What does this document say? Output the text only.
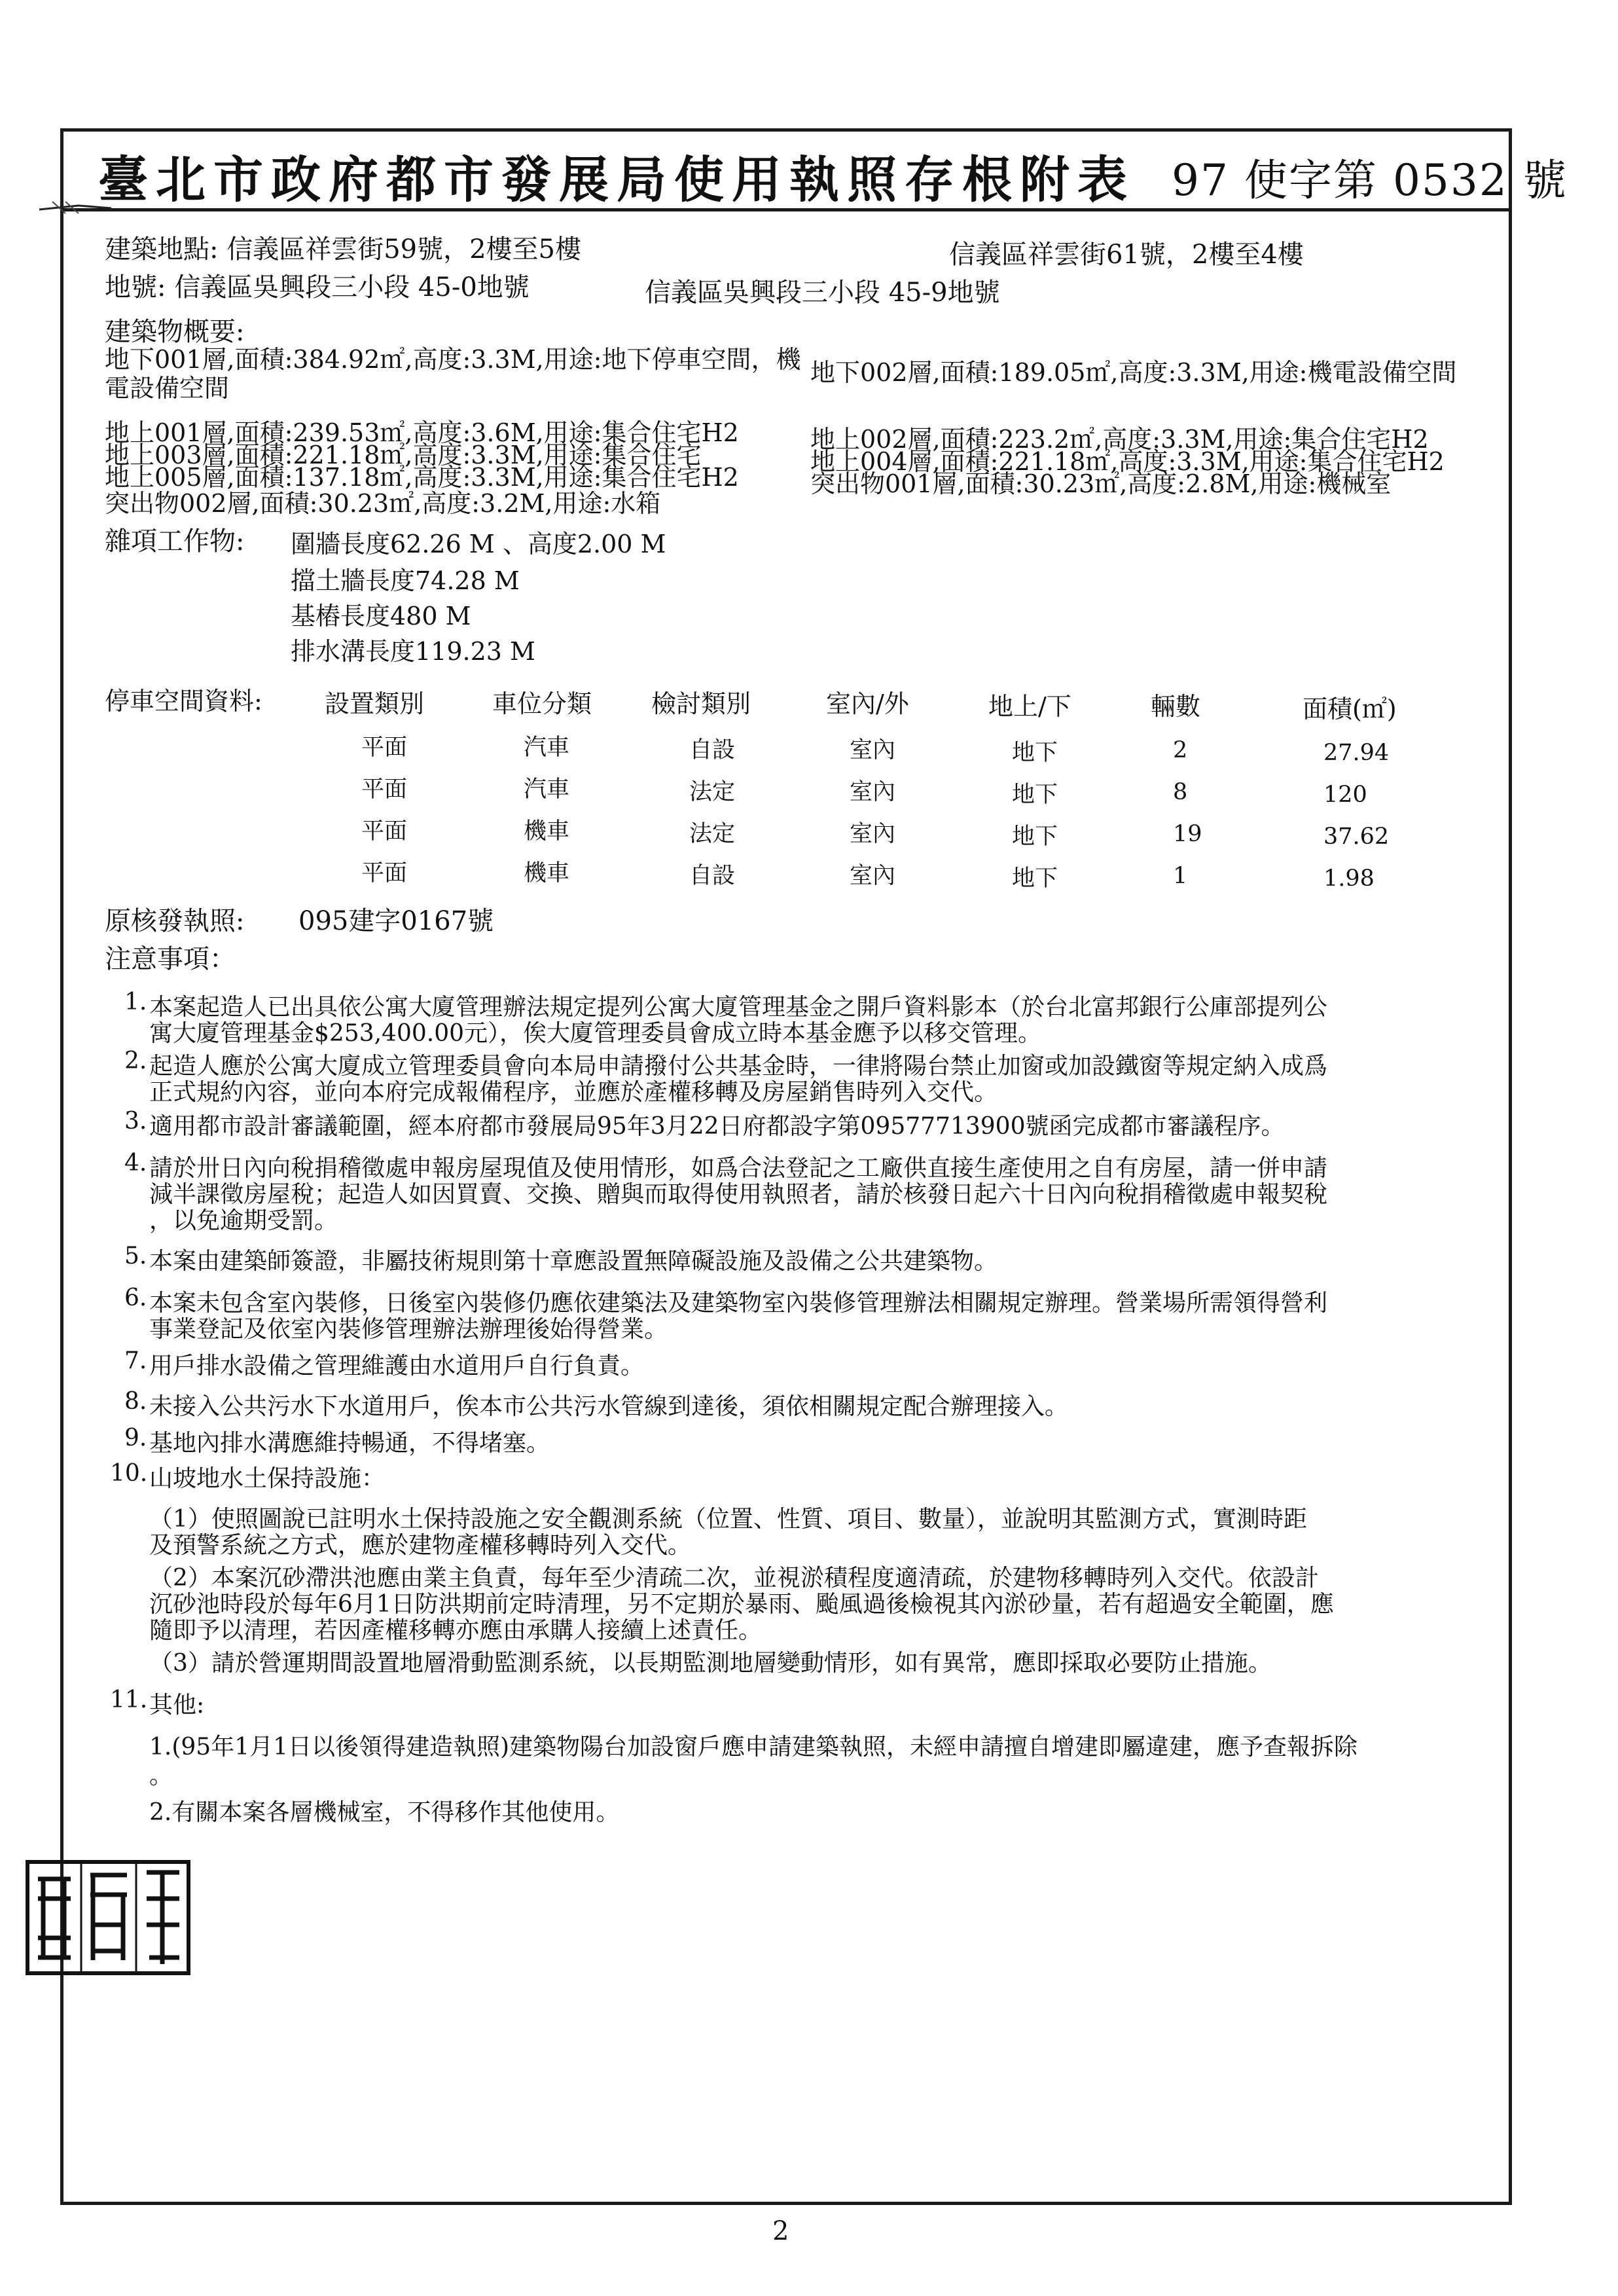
臺北市政府都市發展局使用執照存根附表 97 使字第 0532 號
建築地點: 信義區祥雲街59號，2樓至5樓	信義區祥雲街61號，2樓至4樓
地號: 信義區吳興段三小段 45-0地號	信義區吳興段三小段 45-9地號
建築物概要:
地下001層,面積:384.92㎡,高度:3.3M,用途:地下停車空間，機
電設備空間
地下002層,面積:189.05㎡,高度:3.3M,用途:機電設備空間
地上001層,面積:239.53㎡,高度:3.6M,用途:集合住宅H2
地上003層,面積:221.18㎡,高度:3.3M,用途:集合住宅
地上005層,面積:137.18㎡,高度:3.3M,用途:集合住宅H2
突出物002層,面積:30.23㎡,高度:3.2M,用途:水箱
地上002層,面積:223.2㎡,高度:3.3M,用途:集合住宅H2
地上004層,面積:221.18㎡,高度:3.3M,用途:集合住宅H2
突出物001層,面積:30.23㎡,高度:2.8M,用途:機械室
雜項工作物: 圍牆長度62.26 M 、高度2.00 M
擋土牆長度74.28 M
基樁長度480 M
排水溝長度119.23 M
停車空間資料:	設置類別	車位分類 檢討類別	室內/外	地上/下	輛數	面積(㎡)
平面	汽車	自設	室內	地下	2	27.94
平面	汽車	法定	室內	地下	8	120
平面	機車	法定	室內	地下	19	37.62
平面	機車	自設	室內	地下	1	1.98
原核發執照: 095建字0167號
注意事項：
1. 本案起造人已出具依公寓大廈管理辦法規定提列公寓大廈管理基金之開戶資料影本（於台北富邦銀行公庫部提列公
寓大廈管理基金$253,400.00元），俟大廈管理委員會成立時本基金應予以移交管理。
2. 起造人應於公寓大廈成立管理委員會向本局申請撥付公共基金時，一律將陽台禁止加窗或加設鐵窗等規定納入成爲
正式規約內容，並向本府完成報備程序，並應於產權移轉及房屋銷售時列入交代。
3. 適用都市設計審議範圍，經本府都市發展局95年3月22日府都設字第09577713900號函完成都市審議程序。
4. 請於卅日內向稅捐稽徵處申報房屋現值及使用情形，如爲合法登記之工廠供直接生產使用之自有房屋，請一併申請
減半課徵房屋稅；起造人如因買賣、交換、贈與而取得使用執照者，請於核發日起六十日內向稅捐稽徵處申報契稅
，以免逾期受罰。
5. 本案由建築師簽證，非屬技術規則第十章應設置無障礙設施及設備之公共建築物。
6. 本案未包含室內裝修，日後室內裝修仍應依建築法及建築物室內裝修管理辦法相關規定辦理。營業場所需領得營利
事業登記及依室內裝修管理辦法辦理後始得營業。
7. 用戶排水設備之管理維護由水道用戶自行負責。
8. 未接入公共污水下水道用戶，俟本市公共污水管線到達後，須依相關規定配合辦理接入。
9. 基地內排水溝應維持暢通，不得堵塞。
10. 山坡地水土保持設施：
（1）使照圖說已註明水土保持設施之安全觀測系統（位置、性質、項目、數量），並說明其監測方式，實測時距
及預警系統之方式，應於建物產權移轉時列入交代。
（2）本案沉砂滯洪池應由業主負責，每年至少清疏二次，並視淤積程度適清疏，於建物移轉時列入交代。依設計
沉砂池時段於每年6月1日防洪期前定時清理，另不定期於暴雨、颱風過後檢視其內淤砂量，若有超過安全範圍，應
隨即予以清理，若因產權移轉亦應由承購人接續上述責任。
（3）請於營運期間設置地層滑動監測系統，以長期監測地層變動情形，如有異常，應即採取必要防止措施。
11. 其他:
1.(95年1月1日以後領得建造執照)建築物陽台加設窗戶應申請建築執照，未經申請擅自增建即屬違建，應予查報拆除
。
2.有關本案各層機械室，不得移作其他使用。
2
